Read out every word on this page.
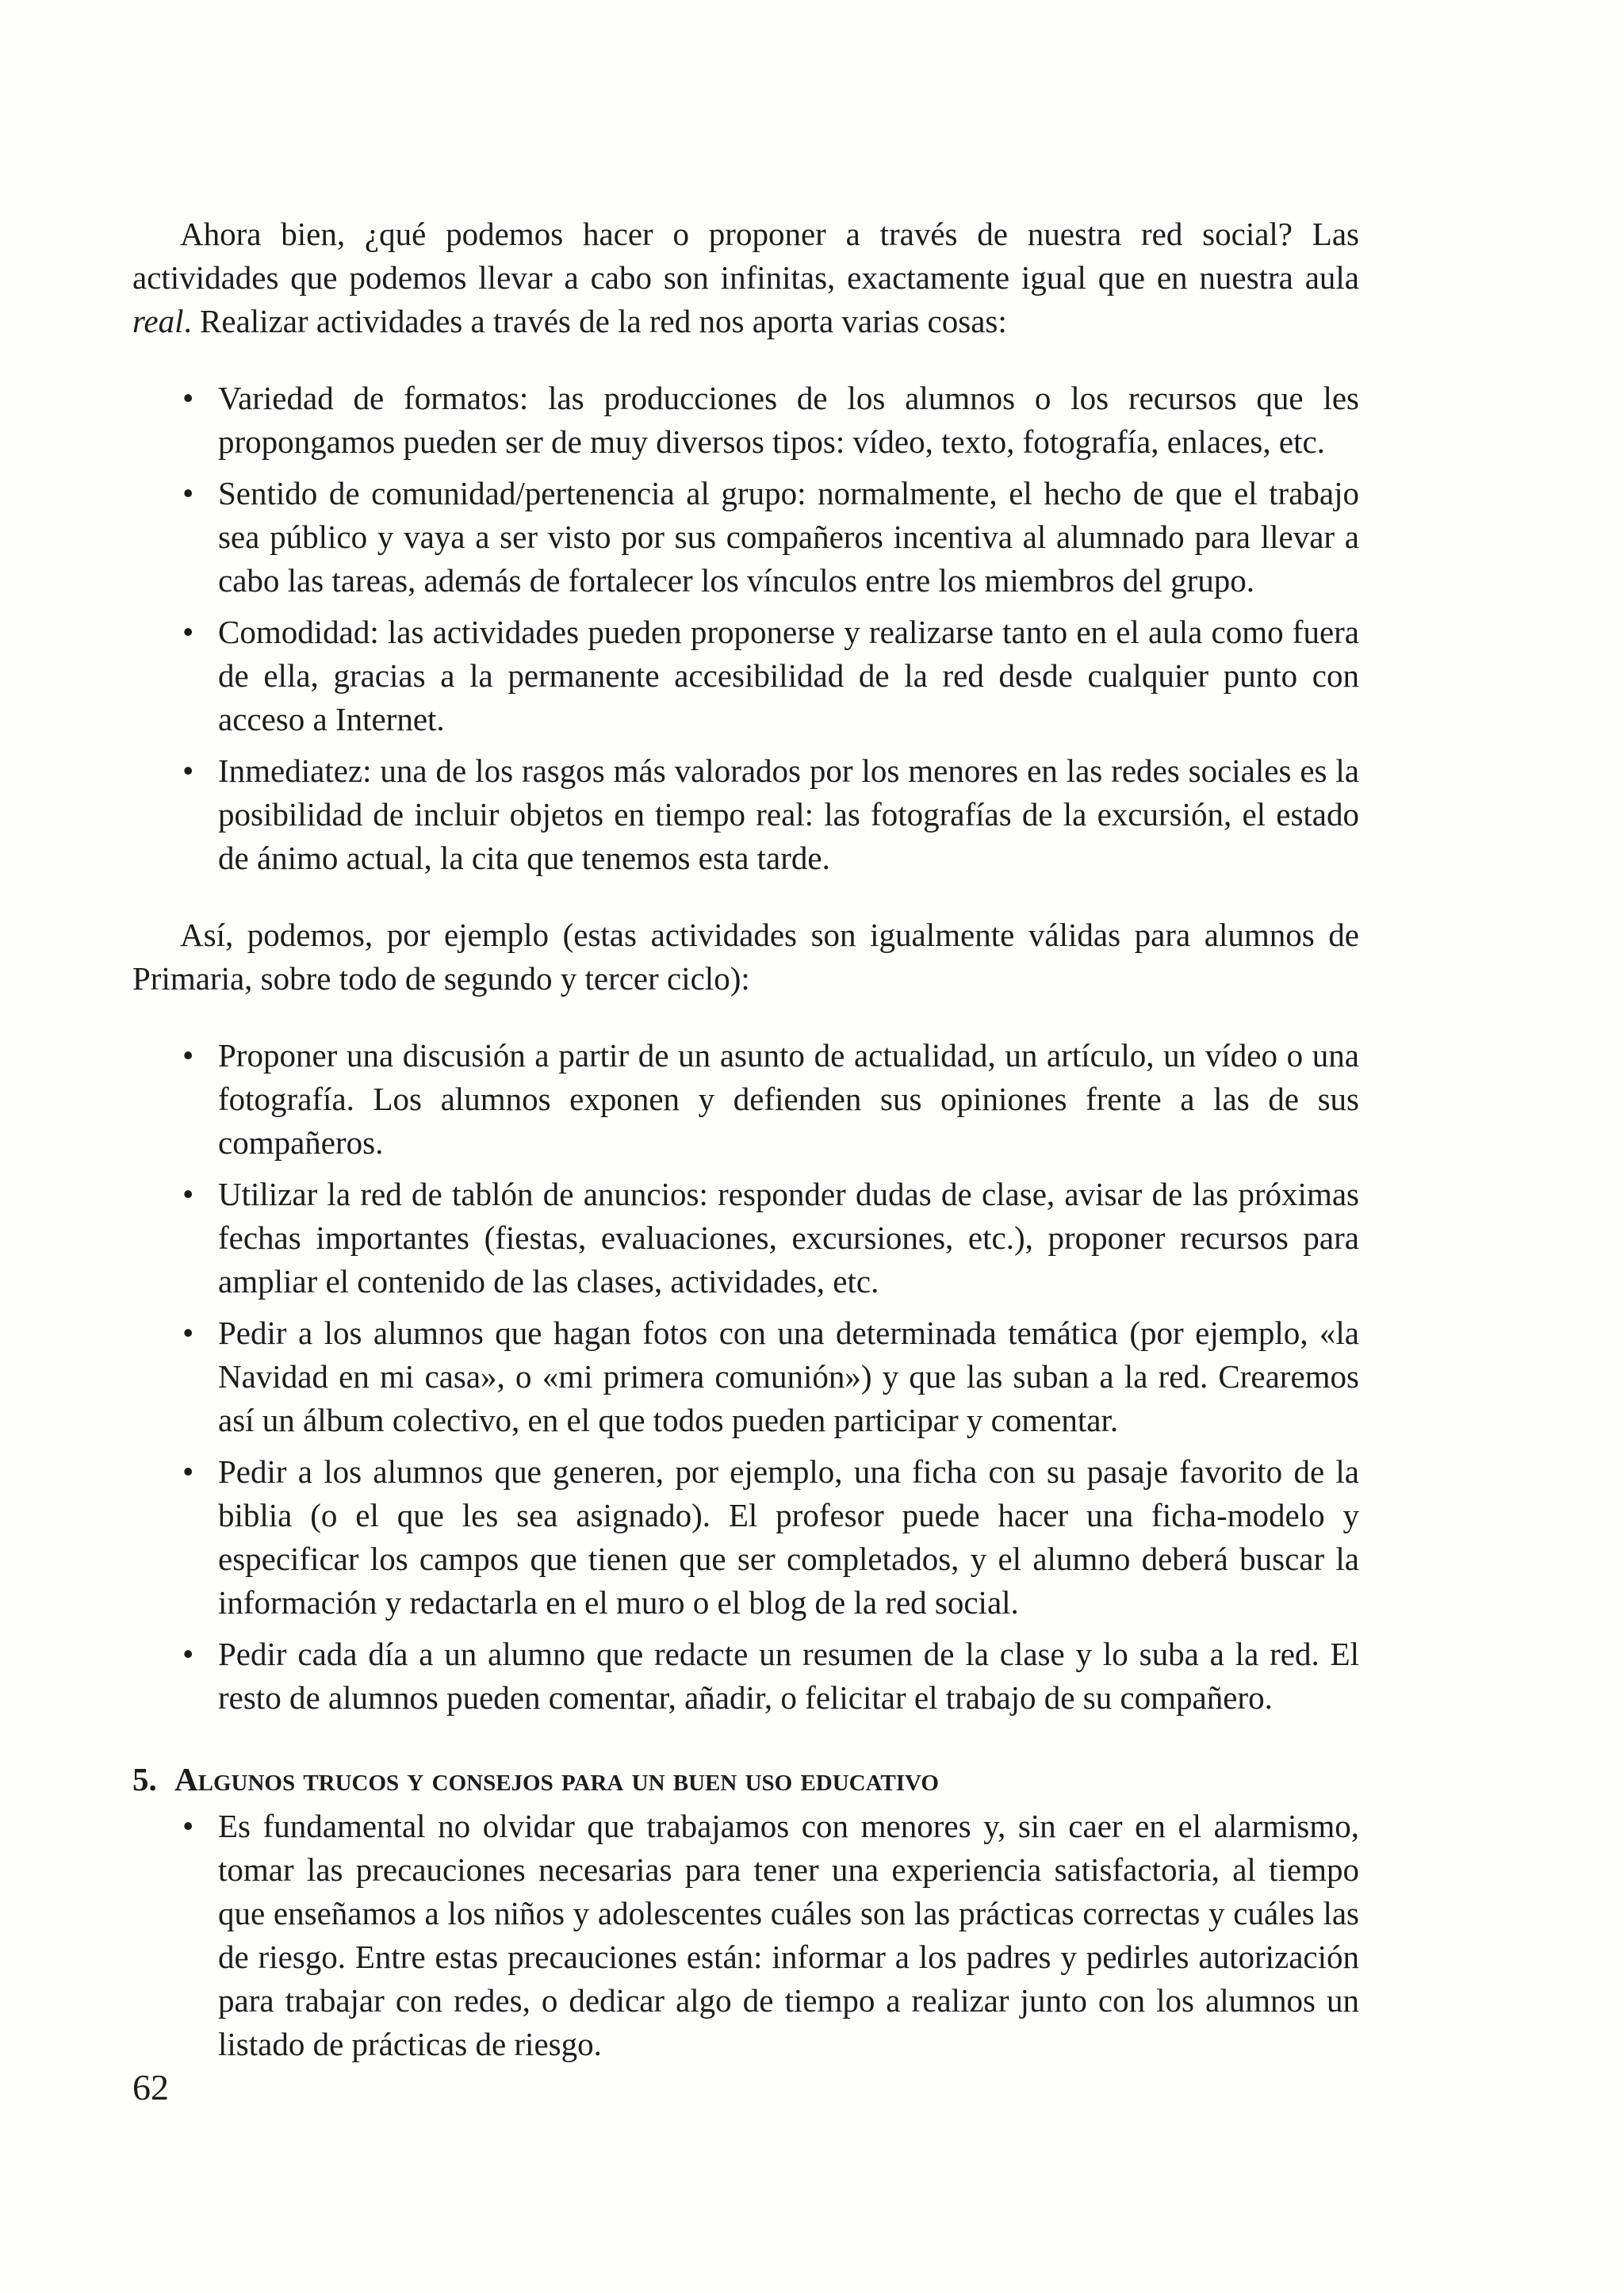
Ahora bien, ¿qué podemos hacer o proponer a través de nuestra red social? Las actividades que podemos llevar a cabo son infinitas, exactamente igual que en nuestra aula real. Realizar actividades a través de la red nos aporta varias cosas:

• Variedad de formatos: las producciones de los alumnos o los recursos que les propongamos pueden ser de muy diversos tipos: vídeo, texto, fotografía, enlaces, etc.
• Sentido de comunidad/pertenencia al grupo: normalmente, el hecho de que el trabajo sea público y vaya a ser visto por sus compañeros incentiva al alumnado para llevar a cabo las tareas, además de fortalecer los vínculos entre los miembros del grupo.
• Comodidad: las actividades pueden proponerse y realizarse tanto en el aula como fuera de ella, gracias a la permanente accesibilidad de la red desde cualquier punto con acceso a Internet.
• Inmediatez: una de los rasgos más valorados por los menores en las redes sociales es la posibilidad de incluir objetos en tiempo real: las fotografías de la excursión, el estado de ánimo actual, la cita que tenemos esta tarde.

Así, podemos, por ejemplo (estas actividades son igualmente válidas para alumnos de Primaria, sobre todo de segundo y tercer ciclo):

• Proponer una discusión a partir de un asunto de actualidad, un artículo, un vídeo o una fotografía. Los alumnos exponen y defienden sus opiniones frente a las de sus compañeros.
• Utilizar la red de tablón de anuncios: responder dudas de clase, avisar de las próximas fechas importantes (fiestas, evaluaciones, excursiones, etc.), proponer recursos para ampliar el contenido de las clases, actividades, etc.
• Pedir a los alumnos que hagan fotos con una determinada temática (por ejemplo, «la Navidad en mi casa», o «mi primera comunión») y que las suban a la red. Crearemos así un álbum colectivo, en el que todos pueden participar y comentar.
• Pedir a los alumnos que generen, por ejemplo, una ficha con su pasaje favorito de la biblia (o el que les sea asignado). El profesor puede hacer una ficha-modelo y especificar los campos que tienen que ser completados, y el alumno deberá buscar la información y redactarla en el muro o el blog de la red social.
• Pedir cada día a un alumno que redacte un resumen de la clase y lo suba a la red. El resto de alumnos pueden comentar, añadir, o felicitar el trabajo de su compañero.
5. Algunos trucos y consejos para un buen uso educativo
• Es fundamental no olvidar que trabajamos con menores y, sin caer en el alarmismo, tomar las precauciones necesarias para tener una experiencia satisfactoria, al tiempo que enseñamos a los niños y adolescentes cuáles son las prácticas correctas y cuáles las de riesgo. Entre estas precauciones están: informar a los padres y pedirles autorización para trabajar con redes, o dedicar algo de tiempo a realizar junto con los alumnos un listado de prácticas de riesgo.
62
